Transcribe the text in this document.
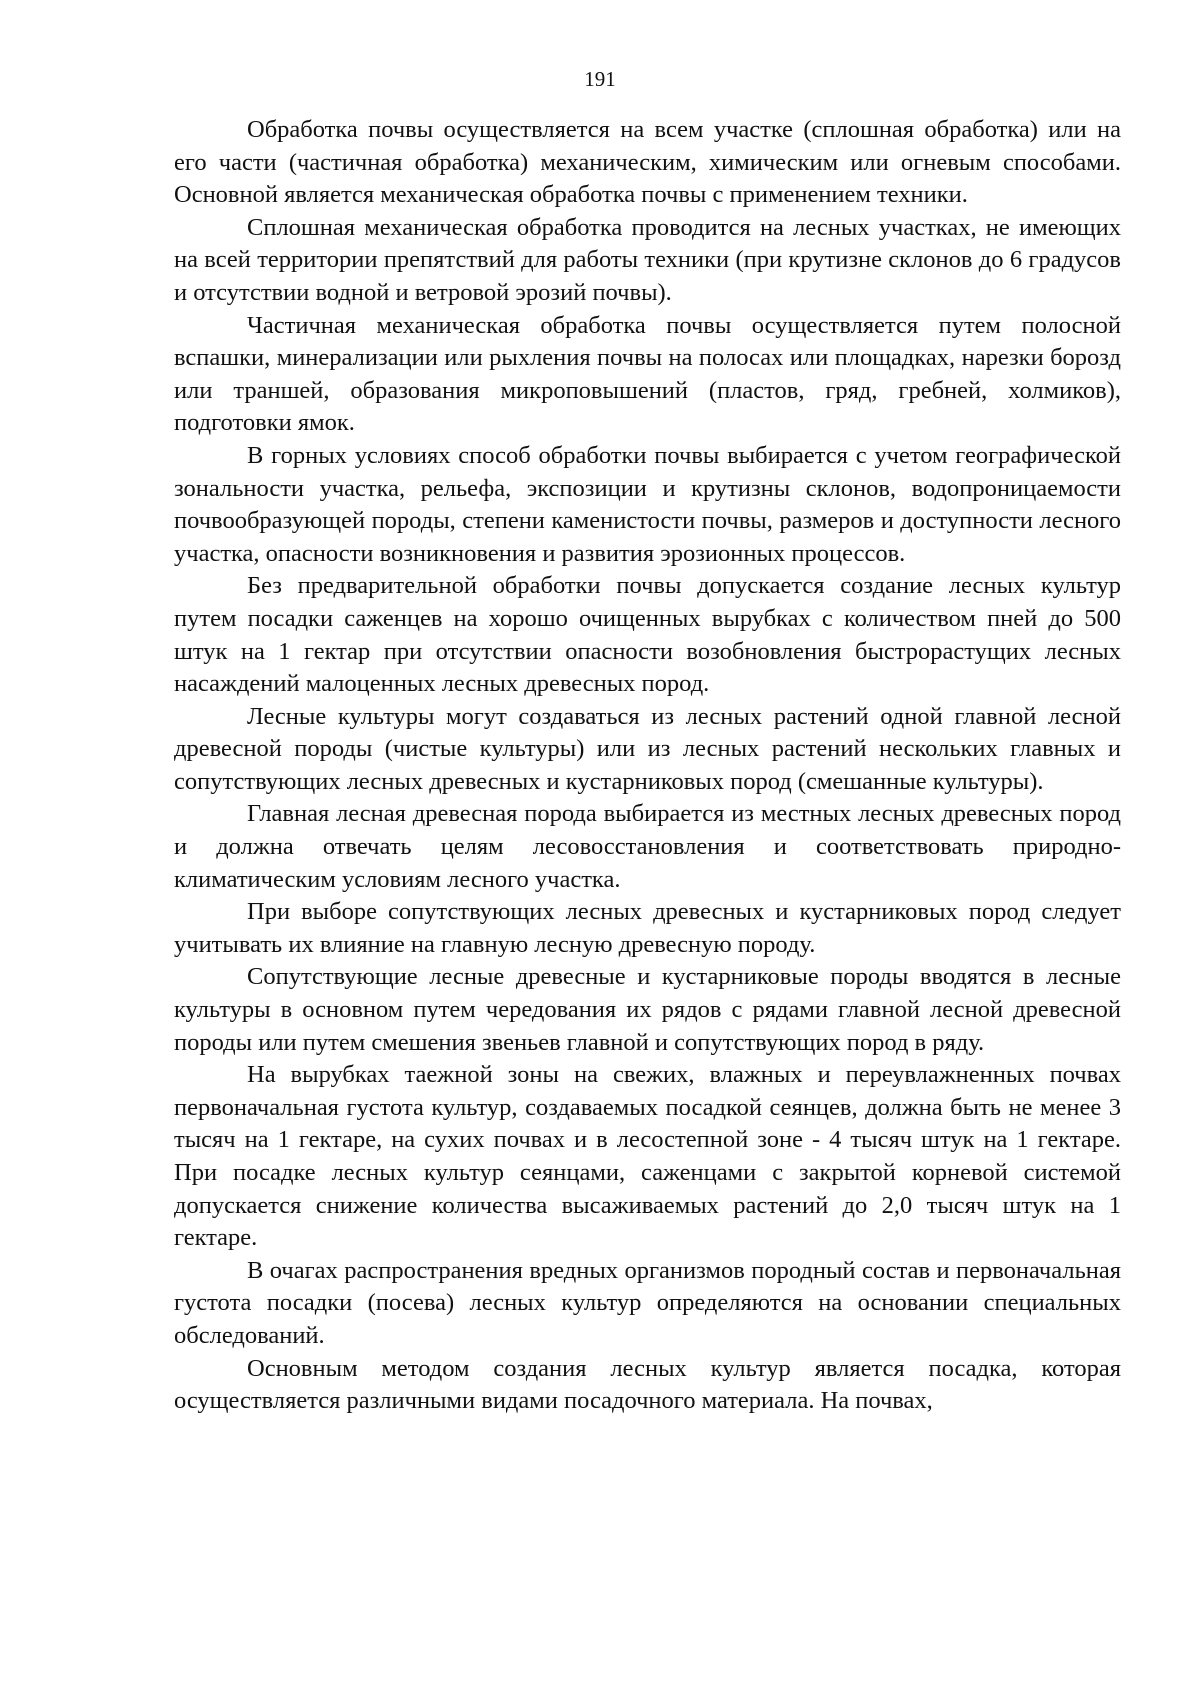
191

Обработка почвы осуществляется на всем участке (сплошная обработка) или на его части (частичная обработка) механическим, химическим или огневым способами. Основной является механическая обработка почвы с применением техники.

Сплошная механическая обработка проводится на лесных участках, не имеющих на всей территории препятствий для работы техники (при крутизне склонов до 6 градусов и отсутствии водной и ветровой эрозий почвы).

Частичная механическая обработка почвы осуществляется путем полосной вспашки, минерализации или рыхления почвы на полосах или площадках, нарезки борозд или траншей, образования микроповышений (пластов, гряд, гребней, холмиков), подготовки ямок.

В горных условиях способ обработки почвы выбирается с учетом географической зональности участка, рельефа, экспозиции и крутизны склонов, водопроницаемости почвообразующей породы, степени каменистости почвы, размеров и доступности лесного участка, опасности возникновения и развития эрозионных процессов.

Без предварительной обработки почвы допускается создание лесных культур путем посадки саженцев на хорошо очищенных вырубках с количеством пней до 500 штук на 1 гектар при отсутствии опасности возобновления быстрорастущих лесных насаждений малоценных лесных древесных пород.

Лесные культуры могут создаваться из лесных растений одной главной лесной древесной породы (чистые культуры) или из лесных растений нескольких главных и сопутствующих лесных древесных и кустарниковых пород (смешанные культуры).

Главная лесная древесная порода выбирается из местных лесных древесных пород и должна отвечать целям лесовосстановления и соответствовать природно-климатическим условиям лесного участка.

При выборе сопутствующих лесных древесных и кустарниковых пород следует учитывать их влияние на главную лесную древесную породу.

Сопутствующие лесные древесные и кустарниковые породы вводятся в лесные культуры в основном путем чередования их рядов с рядами главной лесной древесной породы или путем смешения звеньев главной и сопутствующих пород в ряду.

На вырубках таежной зоны на свежих, влажных и переувлажненных почвах первоначальная густота культур, создаваемых посадкой сеянцев, должна быть не менее 3 тысяч на 1 гектаре, на сухих почвах и в лесостепной зоне - 4 тысяч штук на 1 гектаре. При посадке лесных культур сеянцами, саженцами с закрытой корневой системой допускается снижение количества высаживаемых растений до 2,0 тысяч штук на 1 гектаре.

В очагах распространения вредных организмов породный состав и первоначальная густота посадки (посева) лесных культур определяются на основании специальных обследований.

Основным методом создания лесных культур является посадка, которая осуществляется различными видами посадочного материала. На почвах,
